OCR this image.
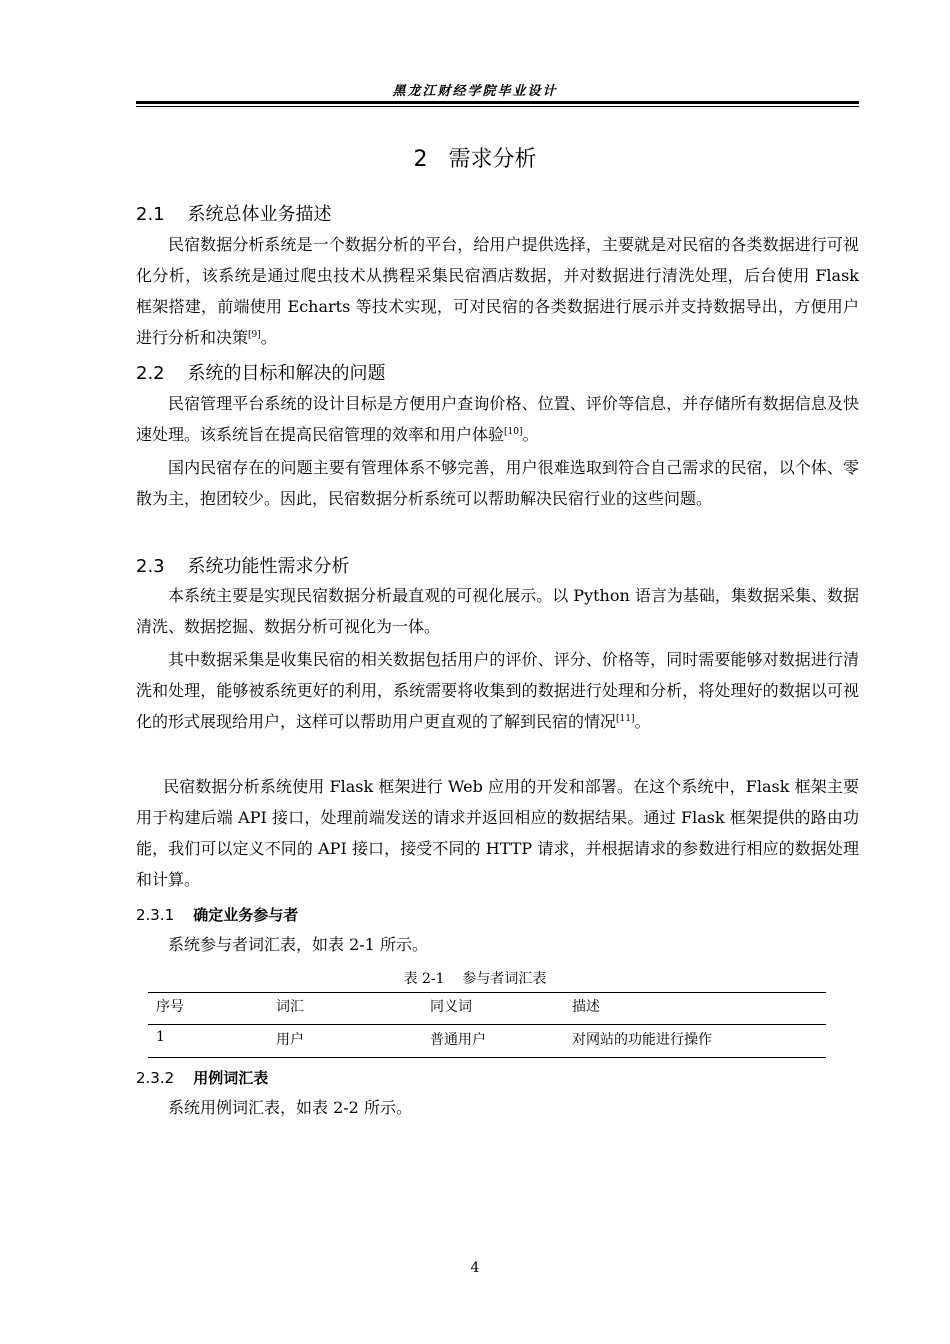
黑龙江财经学院毕业设计
2 需求分析
2.1 系统总体业务描述
民宿数据分析系统是一个数据分析的平台，给用户提供选择，主要就是对民宿的各类数据进行可视化分析，该系统是通过爬虫技术从携程采集民宿酒店数据，并对数据进行清洗处理，后台使用 Flask 框架搭建，前端使用 Echarts 等技术实现，可对民宿的各类数据进行展示并支持数据导出，方便用户进行分析和决策[9]。
2.2 系统的目标和解决的问题
民宿管理平台系统的设计目标是方便用户查询价格、位置、评价等信息，并存储所有数据信息及快速处理。该系统旨在提高民宿管理的效率和用户体验[10]。
国内民宿存在的问题主要有管理体系不够完善，用户很难选取到符合自己需求的民宿，以个体、零散为主，抱团较少。因此，民宿数据分析系统可以帮助解决民宿行业的这些问题。
2.3 系统功能性需求分析
本系统主要是实现民宿数据分析最直观的可视化展示。以 Python 语言为基础，集数据采集、数据清洗、数据挖掘、数据分析可视化为一体。
其中数据采集是收集民宿的相关数据包括用户的评价、评分、价格等，同时需要能够对数据进行清洗和处理，能够被系统更好的利用，系统需要将收集到的数据进行处理和分析，将处理好的数据以可视化的形式展现给用户，这样可以帮助用户更直观的了解到民宿的情况[11]。
民宿数据分析系统使用 Flask 框架进行 Web 应用的开发和部署。在这个系统中，Flask 框架主要用于构建后端 API 接口，处理前端发送的请求并返回相应的数据结果。通过 Flask 框架提供的路由功能，我们可以定义不同的 API 接口，接受不同的 HTTP 请求，并根据请求的参数进行相应的数据处理和计算。
2.3.1 确定业务参与者
系统参与者词汇表，如表 2-1 所示。
表 2-1 参与者词汇表
序号	词汇	同义词	描述
1	用户	普通用户	对网站的功能进行操作
2.3.2 用例词汇表
系统用例词汇表，如表 2-2 所示。
4
